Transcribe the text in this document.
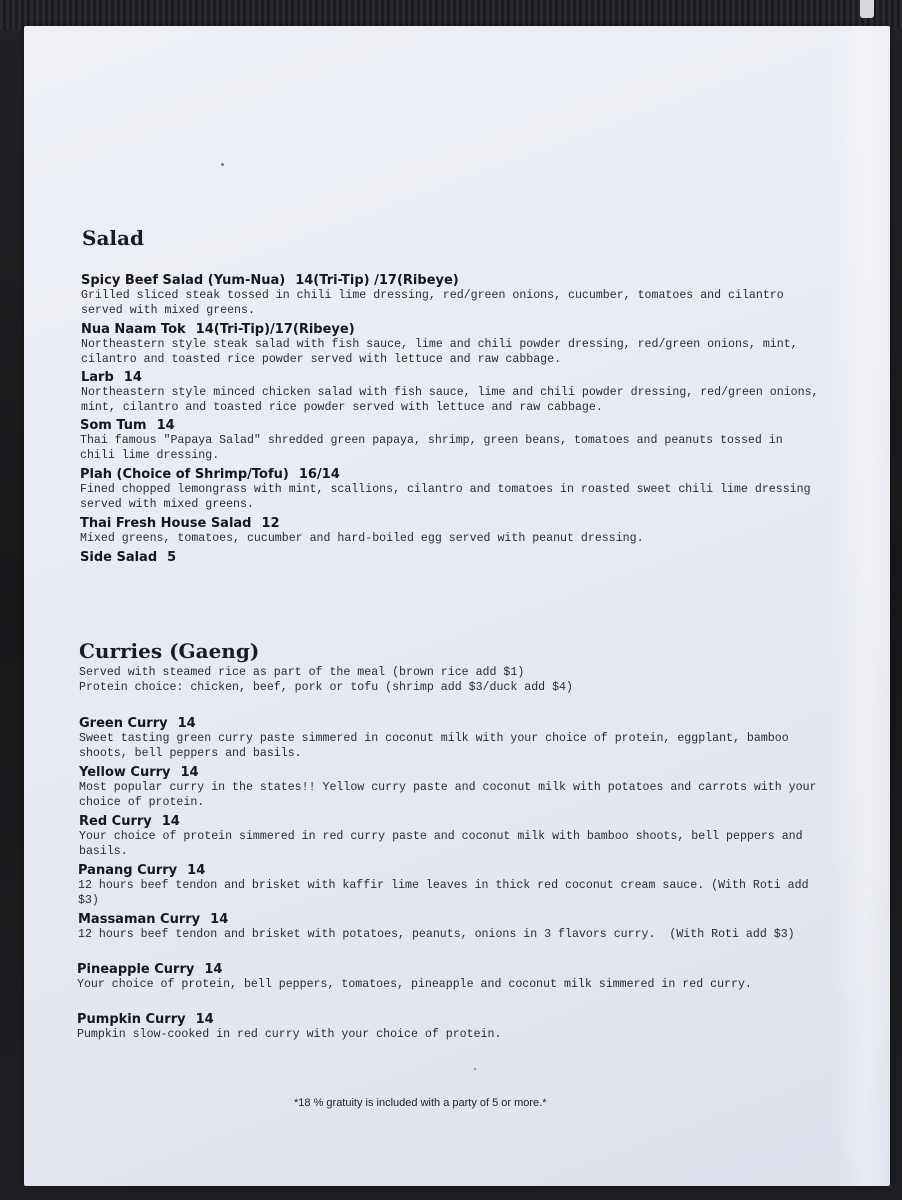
Salad
Spicy Beef Salad (Yum-Nua) 14(Tri-Tip) /17(Ribeye)
Grilled sliced steak tossed in chili lime dressing, red/green onions, cucumber, tomatoes and cilantro served with mixed greens.
Nua Naam Tok 14(Tri-Tip)/17(Ribeye)
Northeastern style steak salad with fish sauce, lime and chili powder dressing, red/green onions, mint, cilantro and toasted rice powder served with lettuce and raw cabbage.
Larb 14
Northeastern style minced chicken salad with fish sauce, lime and chili powder dressing, red/green onions, mint, cilantro and toasted rice powder served with lettuce and raw cabbage.
Som Tum 14
Thai famous "Papaya Salad" shredded green papaya, shrimp, green beans, tomatoes and peanuts tossed in chili lime dressing.
Plah (Choice of Shrimp/Tofu) 16/14
Fined chopped lemongrass with mint, scallions, cilantro and tomatoes in roasted sweet chili lime dressing served with mixed greens.
Thai Fresh House Salad 12
Mixed greens, tomatoes, cucumber and hard-boiled egg served with peanut dressing.
Side Salad 5
Curries (Gaeng)
Served with steamed rice as part of the meal (brown rice add $1)
Protein choice: chicken, beef, pork or tofu (shrimp add $3/duck add $4)
Green Curry 14
Sweet tasting green curry paste simmered in coconut milk with your choice of protein, eggplant, bamboo shoots, bell peppers and basils.
Yellow Curry 14
Most popular curry in the states!! Yellow curry paste and coconut milk with potatoes and carrots with your choice of protein.
Red Curry 14
Your choice of protein simmered in red curry paste and coconut milk with bamboo shoots, bell peppers and basils.
Panang Curry 14
12 hours beef tendon and brisket with kaffir lime leaves in thick red coconut cream sauce. (With Roti add $3)
Massaman Curry 14
12 hours beef tendon and brisket with potatoes, peanuts, onions in 3 flavors curry.  (With Roti add $3)
Pineapple Curry 14
Your choice of protein, bell peppers, tomatoes, pineapple and coconut milk simmered in red curry.
Pumpkin Curry 14
Pumpkin slow-cooked in red curry with your choice of protein.
*18 % gratuity is included with a party of 5 or more.*
